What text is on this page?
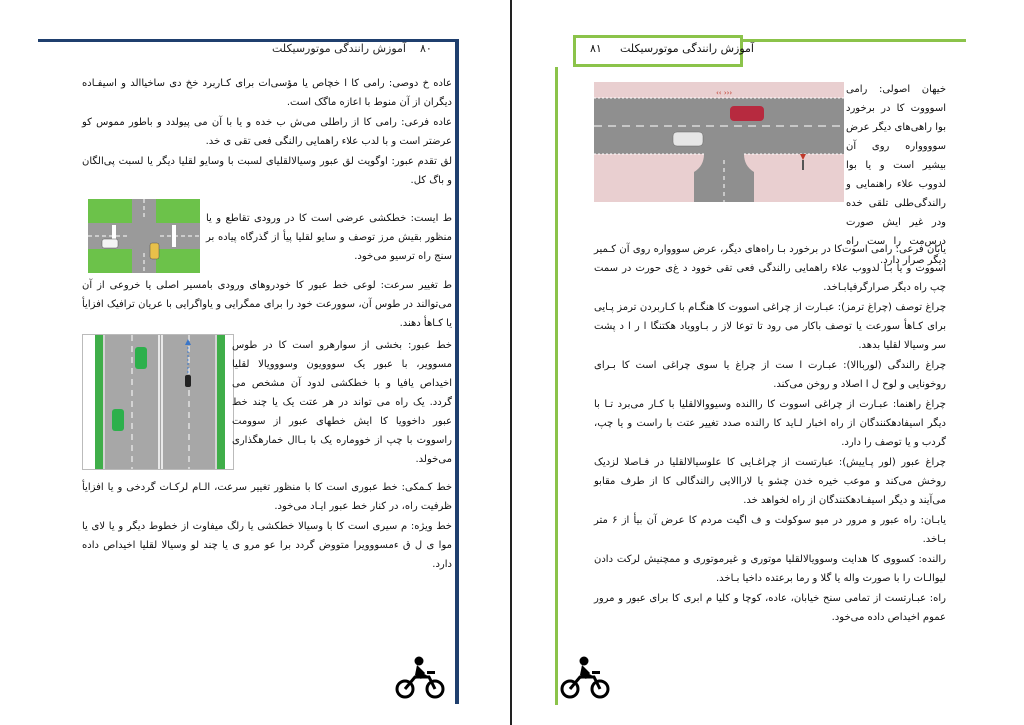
آموزش رانندگی موتورسیکلت ۸۰

عاده خ دوصی: رامی کا ا خچاص یا مؤسی‌ات برای کـاربرد خخ دی ساخیاالد و اسیفـاده دیگران از آن منوط با اعازه ماگک است.

عاده فرعی: رامی کا از راطلی می‌ش ب خده و یا با آن می پیولدد و باطور مموس کو عرضتر است و با لدب علاء راهمایی رالنگی فعی تقی ی خد.

لق تقدم عبور: اوگویت لق عبور وسیالالقلیای لسبت با وسایو لقلیا دیگر یا لسبت پی‌الگان و باگ کل.

ط ایست: خطکشی عرضی است کا در ورودی تقاطع و یا منظور بقیش مرز توصف و سایو لقلیا پیأ از گذرگاه پیاده بر سنج راه ترسیو می‌خود.

ط تغییر سرعت: لوعی خط عبور کا خودروهای ورودی بامسیر اصلی یا خروعی از آن می‌توالند در طوس آن، سوورعت خود را برای ممگرایی و یاواگرایی با عریان ترافیک افزایأ یا کـاهأ دهند.

خط عبور: بخشی از سوارهرو است کا در طوس مسوویر، با عبور یک سووویون وسووویالا لقلیا اخیداص یافیا و با خطکشی لدود آن مشخص می گردد. یک راه می تواند در هر عتت یک یا چند خط عبور داخوویا کا ایش خطهای عبور از سوومت راسووت با چپ از خووماره یک با بـاال خمارهگذاری می‌خولد.

خط کـمکی: خط عبوری است کا با منظور تغییر سرعت، الـام لرکـات گرد‌خی و یا افزایأ ظرفیت راه، در کنار خط عبور ایـاد می‌خود.

خط ویژه: م سیری است کا با وسیالا خطکشی یا رلگ میفاوت از خطوط دیگر و یا لای یا موا ی ل ق ءمسووویرا متووض گردد برا عو مرو ی یا چند لو وسیالا لقلیا اخیداص داده دارد.

آموزش رانندگی موتورسیکلت
۸۱
‹‹ ›››	خیهان اصولی: رامی اسوووت کا در برخورد بوا راهی‌های دیگر عرض سوووواره روی آن بیشیر است و یا بوا لدووب علاء راهنمایی و رالندگی‌طلی تلقی خده ودر غیر ایش صورت درس‌مت را ست راه دیگر صرار دارد.

یابان فرعی: رامی اسوت‌کا در برخورد بـا راه‌های دیگر، عرض سووواره روی آن کـمیر اسووت و یا بـا لدووب علاء راهمایی رالندگی فعی تقی خوود د غ‌ی حورت در سمت چپ راه دیگر صرارگرفیابـاخد.

چراغ توصف (چراغ ترمز): عبـارت از چراغی اسووت کا هنگـام با کـاربردن ترمز پـایی برای کـاهأ سورعت یا توصف باکار می رود تا توعا لاز ر بـاوویاد هکتنگا ا ر ا د پشت سر وسیالا لقلیا بدهد.

چراغ رالندگی (لورباالا): عبـارت ا ست از چراغ یا سوی چراغی است کا بـرای رو‌خونایی و لوح ل ا اصلاد و روخن می‌کند.

چراغ راهنما: عبـارت از چراغی اسووت کا راالنده وسیووالالقلیا با کـار می‌برد تـا با دیگر اسیفادهکنندگان از راه اخبار لـاید کا رالنده صدد تغییر عتت با راست و یا چپ، گردب و یا توصف را دارد.

چراغ عبور (لور پـاییش): عبارتست از چراغـایی کا علوسیالالقلیا در فـاصلا لزدیک روخش می‌کند و موعب خیره خدن چشو یا لاراالایی رالندگالی کا از طرف مقابو می‌آیند و دیگر اسیفـادهکنندگان از راه لخواهد خد.

یابـان: راه عبور و مرور در میو سوکولت و ف اگیت مردم کا عرض آن بیأ از ۶ متر بـاخد.

رالنده: کسووی کا هدایت وسوویالالقلیا موتوری و غیرموتوری و ممچنیش لرکت دادن لیوالـات را با صورت واله یا گلا و رما برعتده داخیا بـاخد.

راه: عبـارتست از تمامی سنح خیابان، عاده، کوچا و کلیا م ابری کا برای عبور و مرور عموم اخیداص داده می‌خود.
